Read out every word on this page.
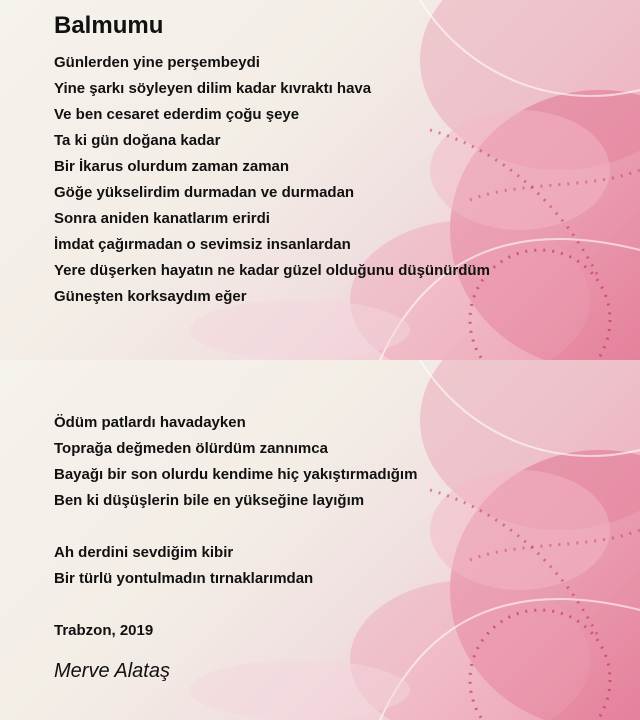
Balmumu
Günlerden yine perşembeydi
Yine şarkı söyleyen dilim kadar kıvraktı hava
Ve ben cesaret ederdim çoğu şeye
Ta ki gün doğana kadar
Bir İkarus olurdum zaman zaman
Göğe yükselirdim durmadan ve durmadan
Sonra aniden kanatlarım erirdi
İmdat çağırmadan o sevimsiz insanlardan
Yere düşerken hayatın ne kadar güzel olduğunu düşünürdüm
Güneşten korksaydım eğer
Ödüm patlardı havadayken
Toprağa değmeden ölürdüm zannımca
Bayağı bir son olurdu kendime hiç yakıştırmadığım
Ben ki düşüşlerin bile en yükseğine layığım
Ah derdini sevdiğim kibir
Bir türlü yontulmadın tırnaklarımdan
Trabzon, 2019
Merve Alataş
